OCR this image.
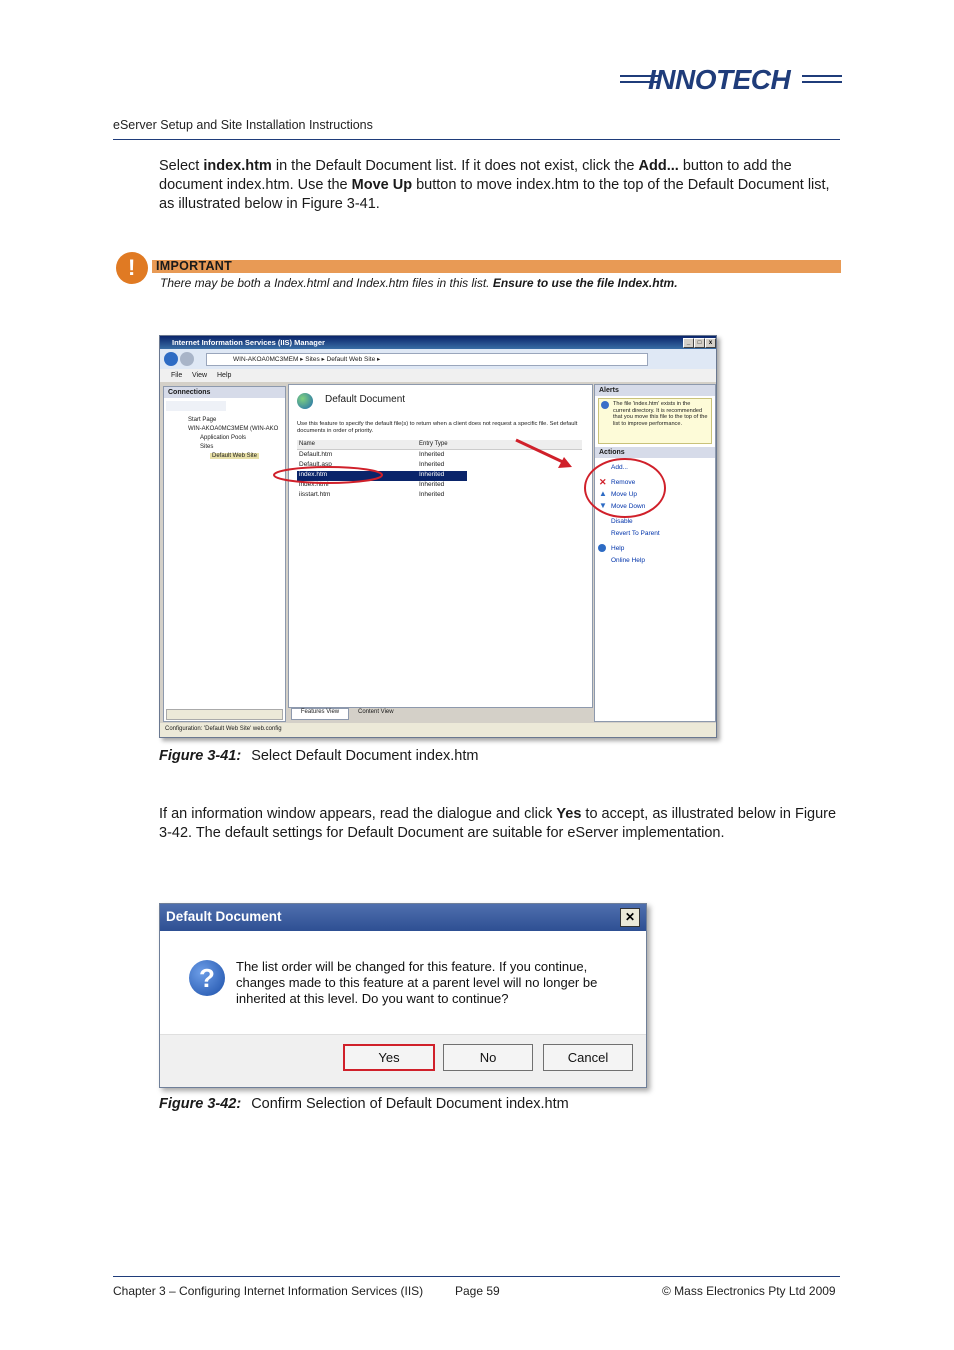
INNOTECH
eServer Setup and Site Installation Instructions
Select index.htm in the Default Document list. If it does not exist, click the Add... button to add the document index.htm. Use the Move Up button to move index.htm to the top of the Default Document list, as illustrated below in Figure 3-41.
! IMPORTANT
There may be both a Index.html and Index.htm files in this list. Ensure to use the file Index.htm.
Internet Information Services (IIS) Manager	_	□	x
WIN-AKOA0MC3MEM ▸ Sites ▸ Default Web Site ▸
File View Help
Connections
Start Page
WIN-AKOA0MC3MEM (WIN-AKO
Application Pools
Sites
Default Web Site
Default Document
Use this feature to specify the default file(s) to return when a client does not request a specific file. Set default documents in order of priority.
Name	Entry Type
Default.htm	Inherited
Default.asp	Inherited
index.htm	Inherited
index.html	Inherited
iisstart.htm	Inherited
Features View	Content View
Alerts
The file 'index.htm' exists in the current directory. It is recommended that you move this file to the top of the list to improve performance.
Actions
Add...
✕ Remove
▲ Move Up
▼ Move Down
Disable
Revert To Parent
Help
Online Help
Configuration: 'Default Web Site' web.config
Figure 3-41: Select Default Document index.htm
If an information window appears, read the dialogue and click Yes to accept, as illustrated below in Figure 3-42. The default settings for Default Document are suitable for eServer implementation.
Default Document	✕
?	The list order will be changed for this feature. If you continue, changes made to this feature at a parent level will no longer be inherited at this level. Do you want to continue?
Yes	No	Cancel
Figure 3-42: Confirm Selection of Default Document index.htm
Chapter 3 – Configuring Internet Information Services (IIS)	Page 59	© Mass Electronics Pty Ltd 2009
